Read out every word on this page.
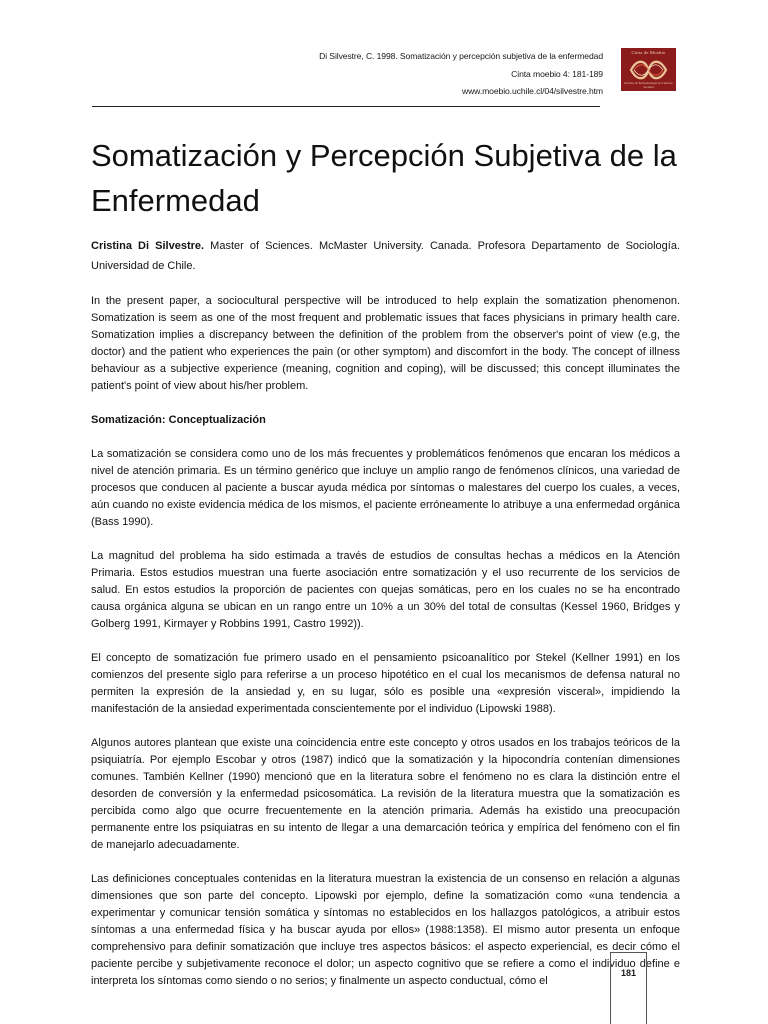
Di Silvestre, C. 1998. Somatización y percepción subjetiva de la enfermedad
Cinta moebio 4: 181-189
www.moebio.uchile.cl/04/silvestre.htm
Cinta de Moebio
Revista de Epistemología de Ciencias Sociales
Somatización y Percepción Subjetiva de la Enfermedad

Cristina Di Silvestre. Master of Sciences. McMaster University. Canada. Profesora Departamento de Sociología. Universidad de Chile.

In the present paper, a sociocultural perspective will be introduced to help explain the somatization phenomenon. Somatization is seem as one of the most frequent and problematic issues that faces physicians in primary health care. Somatization implies a discrepancy between the definition of the problem from the observer's point of view (e.g, the doctor) and the patient who experiences the pain (or other symptom) and discomfort in the body. The concept of illness behaviour as a subjective experience (meaning, cognition and coping), will be discussed; this concept illuminates the patient's point of view about his/her problem.

Somatización: Conceptualización

La somatización se considera como uno de los más frecuentes y problemáticos fenómenos que encaran los médicos a nivel de atención primaria. Es un término genérico que incluye un amplio rango de fenómenos clínicos, una variedad de procesos que conducen al paciente a buscar ayuda médica por síntomas o malestares del cuerpo los cuales, a veces, aún cuando no existe evidencia médica de los mismos, el paciente erróneamente lo atribuye a una enfermedad orgánica (Bass 1990).

La magnitud del problema ha sido estimada a través de estudios de consultas hechas a médicos en la Atención Primaria. Estos estudios muestran una fuerte asociación entre somatización y el uso recurrente de los servicios de salud. En estos estudios la proporción de pacientes con quejas somáticas, pero en los cuales no se ha encontrado causa orgánica alguna se ubican en un rango entre un 10% a un 30% del total de consultas (Kessel 1960, Bridges y Golberg 1991, Kirmayer y Robbins 1991, Castro 1992)).

El concepto de somatización fue primero usado en el pensamiento psicoanalítico por Stekel (Kellner 1991) en los comienzos del presente siglo para referirse a un proceso hipotético en el cual los mecanismos de defensa natural no permiten la expresión de la ansiedad y, en su lugar, sólo es posible una «expresión visceral», impidiendo la manifestación de la ansiedad experimentada conscientemente por el individuo (Lipowski 1988).

Algunos autores plantean que existe una coincidencia entre este concepto y otros usados en los trabajos teóricos de la psiquiatría. Por ejemplo Escobar y otros (1987) indicó que la somatización y la hipocondría contenían dimensiones comunes. También Kellner (1990) mencionó que en la literatura sobre el fenómeno no es clara la distinción entre el desorden de conversión y la enfermedad psicosomática. La revisión de la literatura muestra que la somatización es percibida como algo que ocurre frecuentemente en la atención primaria. Además ha existido una preocupación permanente entre los psiquiatras en su intento de llegar a una demarcación teórica y empírica del fenómeno con el fin de manejarlo adecuadamente.

Las definiciones conceptuales contenidas en la literatura muestran la existencia de un consenso en relación a algunas dimensiones que son parte del concepto. Lipowski por ejemplo, define la somatización como «una tendencia a experimentar y comunicar tensión somática y síntomas no establecidos en los hallazgos patológicos, a atribuir estos síntomas a una enfermedad física y ha buscar ayuda por ellos» (1988:1358). El mismo autor presenta un enfoque comprehensivo para definir somatización que incluye tres aspectos básicos: el aspecto experiencial, es decir cómo el paciente percibe y subjetivamente reconoce el dolor; un aspecto cognitivo que se refiere a como el individuo define e interpreta los síntomas como siendo o no serios; y finalmente un aspecto conductual, cómo el

181
